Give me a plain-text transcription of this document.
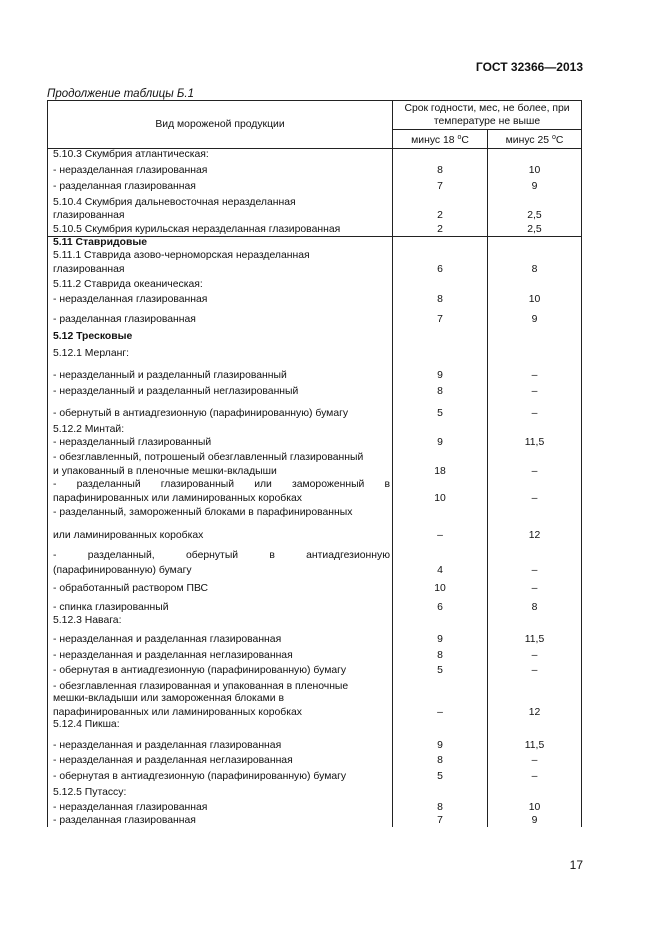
ГОСТ 32366—2013
Продолжение таблицы Б.1
Вид мороженой продукции	Срок годности, мес, не более, при температуре не выше	
	минус 18 $^o$C	минус 25 $^o$C
5.10.3 Скумбрия атлантическая:		
- неразделанная глазированная	8	10
- разделанная глазированная	7	9
5.10.4 Скумбрия дальневосточная неразделанная		
глазированная	2	2,5
5.10.5 Скумбрия курильская неразделанная глазированная	2	2,5
5.11 Ставридовые		
5.11.1 Ставрида азово-черноморская неразделанная		
глазированная	6	8
5.11.2 Ставрида океаническая:		
- неразделанная глазированная	8	10
- разделанная глазированная	7	9
5.12 Тресковые		
5.12.1 Мерланг:		
- неразделанный и разделанный глазированный	9	–
- неразделанный и разделанный неглазированный	8	–
- обернутый в антиадгезионную (парафинированную) бумагу	5	–
5.12.2 Минтай:		
- неразделанный глазированный	9	11,5
- обезглавленный, потрошеный обезглавленный глазированный		
и упакованный в пленочные мешки-вкладыши	18	–
- разделанный глазированный или замороженный в		
парафинированных или ламинированных коробках	10	–
- разделанный, замороженный блоками в парафинированных		
или ламинированных коробках	–	12
- разделанный, обернутый в антиадгезионную		
(парафинированную) бумагу	4	–
- обработанный раствором ПВС	10	–
- спинка глазированный	6	8
5.12.3 Навага:		
- неразделанная и разделанная глазированная	9	11,5
- неразделанная и разделанная неглазированная	8	–
- обернутая в антиадгезионную (парафинированную) бумагу	5	–
- обезглавленная глазированная и упакованная в пленочные		
мешки-вкладыши или замороженная блоками в		
парафинированных или ламинированных коробках	–	12
5.12.4 Пикша:		
- неразделанная и разделанная глазированная	9	11,5
- неразделанная и разделанная неглазированная	8	–
- обернутая в антиадгезионную (парафинированную) бумагу	5	–
5.12.5 Путассу:		
- неразделанная глазированная	8	10
- разделанная глазированная	7	9
17
